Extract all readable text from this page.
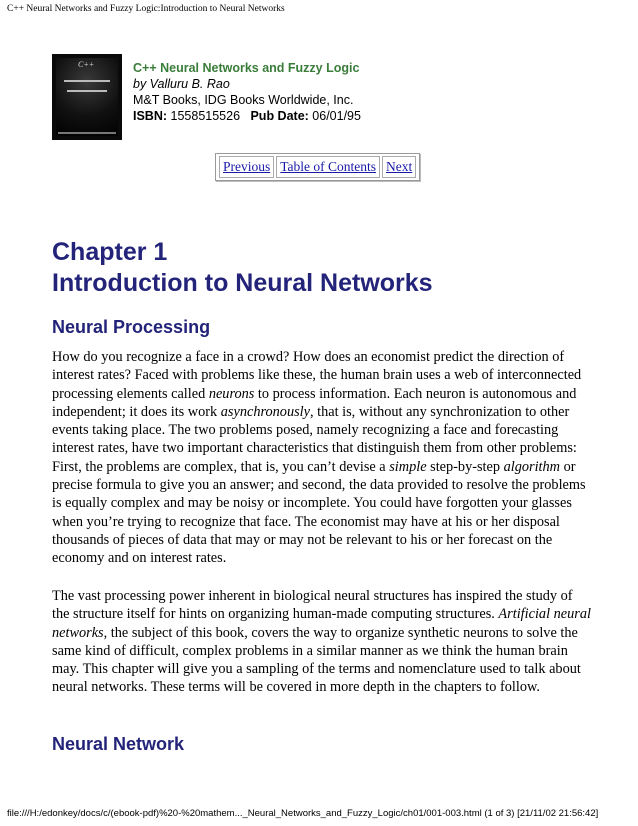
C++ Neural Networks and Fuzzy Logic:Introduction to Neural Networks
C++	C++ Neural Networks and Fuzzy Logic
by Valluru B. Rao
M&T Books, IDG Books Worldwide, Inc.
ISBN: 1558515526 Pub Date: 06/01/95
Previous Table of Contents Next
Chapter 1
Introduction to Neural Networks
Neural Processing

How do you recognize a face in a crowd? How does an economist predict the direction of interest rates? Faced with problems like these, the human brain uses a web of interconnected processing elements called neurons to process information. Each neuron is autonomous and independent; it does its work asynchronously, that is, without any synchronization to other events taking place. The two problems posed, namely recognizing a face and forecasting interest rates, have two important characteristics that distinguish them from other problems: First, the problems are complex, that is, you can’t devise a simple step-by-step algorithm or precise formula to give you an answer; and second, the data provided to resolve the problems is equally complex and may be noisy or incomplete. You could have forgotten your glasses when you’re trying to recognize that face. The economist may have at his or her disposal thousands of pieces of data that may or may not be relevant to his or her forecast on the economy and on interest rates.

The vast processing power inherent in biological neural structures has inspired the study of the structure itself for hints on organizing human-made computing structures. Artificial neural networks, the subject of this book, covers the way to organize synthetic neurons to solve the same kind of difficult, complex problems in a similar manner as we think the human brain may. This chapter will give you a sampling of the terms and nomenclature used to talk about neural networks. These terms will be covered in more depth in the chapters to follow.

Neural Network
file:///H:/edonkey/docs/c/(ebook-pdf)%20-%20mathem..._Neural_Networks_and_Fuzzy_Logic/ch01/001-003.html (1 of 3) [21/11/02 21:56:42]
